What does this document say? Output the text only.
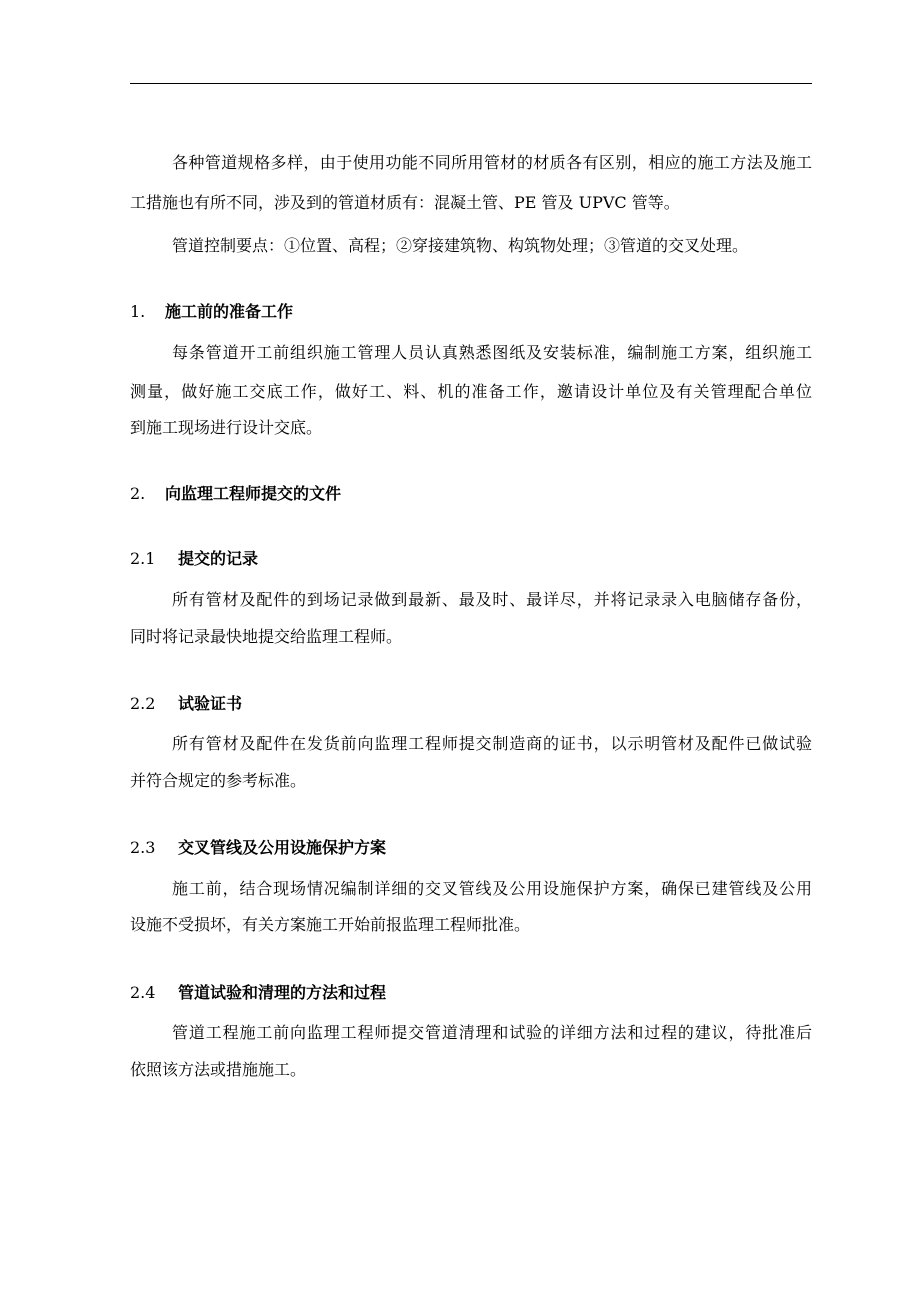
各种管道规格多样，由于使用功能不同所用管材的材质各有区别，相应的施工方法及施工
工措施也有所不同，涉及到的管道材质有：混凝土管、PE 管及 UPVC 管等。
管道控制要点：①位置、高程；②穿接建筑物、构筑物处理；③管道的交叉处理。
1. 施工前的准备工作
每条管道开工前组织施工管理人员认真熟悉图纸及安装标准，编制施工方案，组织施工
测量，做好施工交底工作，做好工、料、机的准备工作，邀请设计单位及有关管理配合单位
到施工现场进行设计交底。
2. 向监理工程师提交的文件
2.1 提交的记录
所有管材及配件的到场记录做到最新、最及时、最详尽，并将记录录入电脑储存备份，
同时将记录最快地提交给监理工程师。
2.2 试验证书
所有管材及配件在发货前向监理工程师提交制造商的证书，以示明管材及配件已做试验
并符合规定的参考标准。
2.3 交叉管线及公用设施保护方案
施工前，结合现场情况编制详细的交叉管线及公用设施保护方案，确保已建管线及公用
设施不受损坏，有关方案施工开始前报监理工程师批准。
2.4 管道试验和清理的方法和过程
管道工程施工前向监理工程师提交管道清理和试验的详细方法和过程的建议，待批准后
依照该方法或措施施工。
